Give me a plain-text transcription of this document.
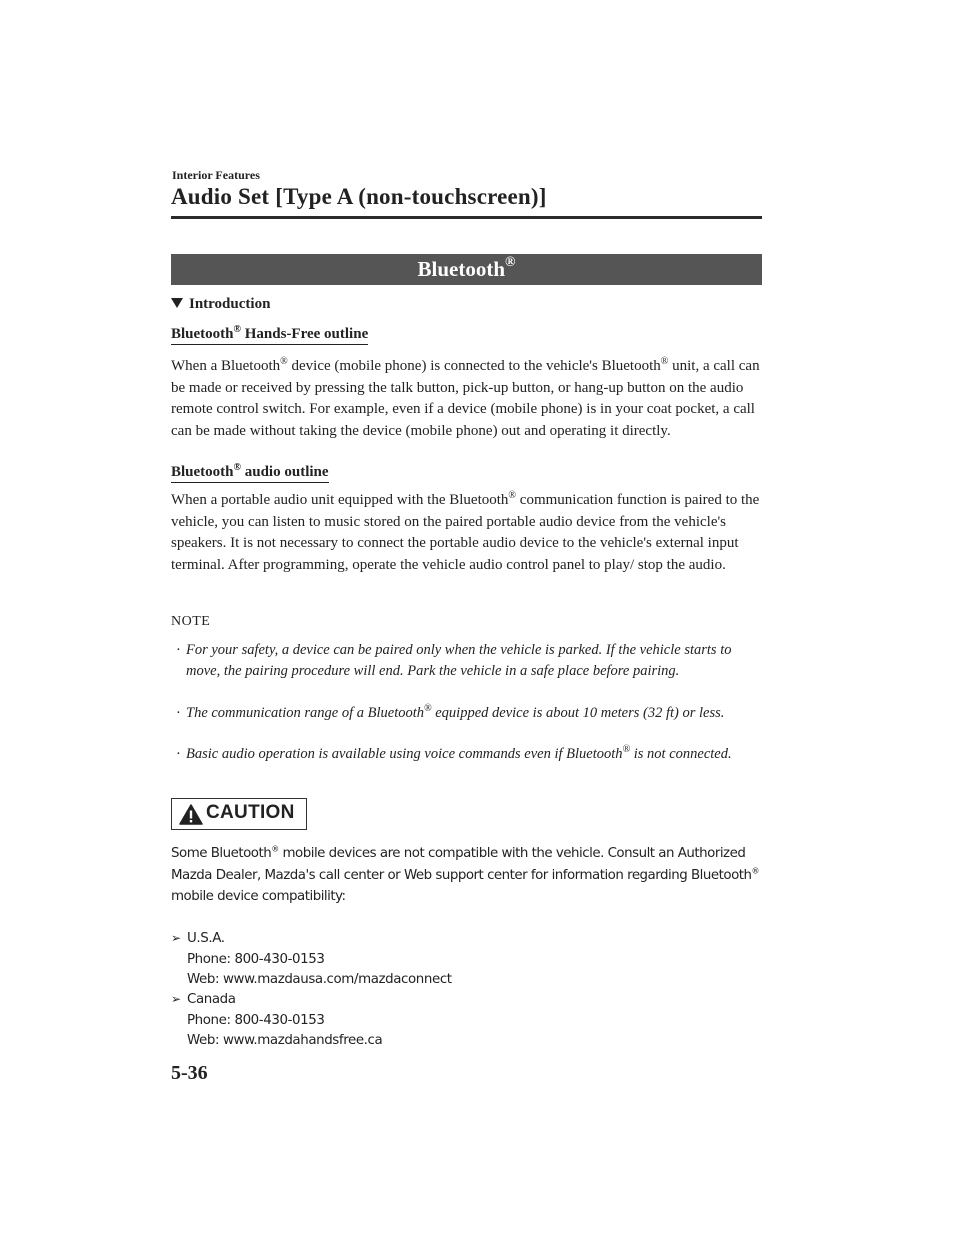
Interior Features
Audio Set [Type A (non-touchscreen)]
Bluetooth®
Introduction
Bluetooth® Hands-Free outline
When a Bluetooth® device (mobile phone) is connected to the vehicle's Bluetooth® unit, a call can be made or received by pressing the talk button, pick-up button, or hang-up button on the audio remote control switch. For example, even if a device (mobile phone) is in your coat pocket, a call can be made without taking the device (mobile phone) out and operating it directly.
Bluetooth® audio outline
When a portable audio unit equipped with the Bluetooth® communication function is paired to the vehicle, you can listen to music stored on the paired portable audio device from the vehicle's speakers. It is not necessary to connect the portable audio device to the vehicle's external input terminal. After programming, operate the vehicle audio control panel to play/ stop the audio.
NOTE
· For your safety, a device can be paired only when the vehicle is parked. If the vehicle starts to move, the pairing procedure will end. Park the vehicle in a safe place before pairing.
· The communication range of a Bluetooth® equipped device is about 10 meters (32 ft) or less.
· Basic audio operation is available using voice commands even if Bluetooth® is not connected.
CAUTION
Some Bluetooth® mobile devices are not compatible with the vehicle. Consult an Authorized Mazda Dealer, Mazda's call center or Web support center for information regarding Bluetooth® mobile device compatibility:
➢ U.S.A.
Phone: 800-430-0153
Web: www.mazdausa.com/mazdaconnect
➢ Canada
Phone: 800-430-0153
Web: www.mazdahandsfree.ca
5-36
